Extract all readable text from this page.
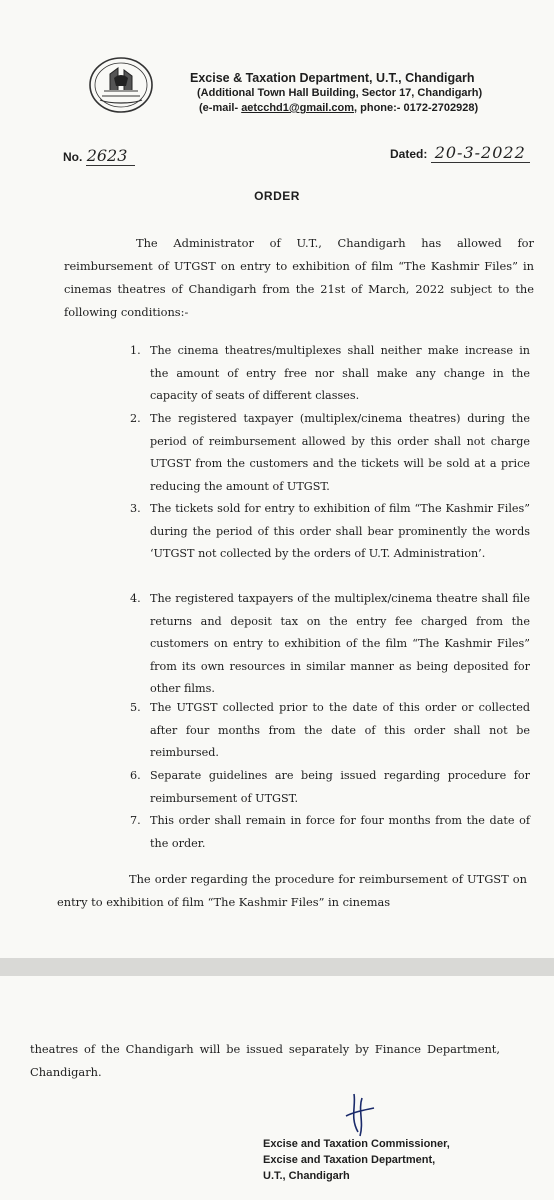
Excise & Taxation Department, U.T., Chandigarh
(Additional Town Hall Building, Sector 17, Chandigarh)
(e-mail- aetcchd1@gmail.com, phone:- 0172-2702928)
No. 2623	Dated: 20-3-2022
ORDER
The Administrator of U.T., Chandigarh has allowed for reimbursement of UTGST on entry to exhibition of film “The Kashmir Files” in cinemas theatres of Chandigarh from the 21st of March, 2022 subject to the following conditions:-
1. The cinema theatres/multiplexes shall neither make increase in the amount of entry free nor shall make any change in the capacity of seats of different classes.
2. The registered taxpayer (multiplex/cinema theatres) during the period of reimbursement allowed by this order shall not charge UTGST from the customers and the tickets will be sold at a price reducing the amount of UTGST.
3. The tickets sold for entry to exhibition of film “The Kashmir Files” during the period of this order shall bear prominently the words ‘UTGST not collected by the orders of U.T. Administration’.
4. The registered taxpayers of the multiplex/cinema theatre shall file returns and deposit tax on the entry fee charged from the customers on entry to exhibition of the film “The Kashmir Files” from its own resources in similar manner as being deposited for other films.
5. The UTGST collected prior to the date of this order or collected after four months from the date of this order shall not be reimbursed.
6. Separate guidelines are being issued regarding procedure for reimbursement of UTGST.
7. This order shall remain in force for four months from the date of the order.
The order regarding the procedure for reimbursement of UTGST on entry to exhibition of film “The Kashmir Files” in cinemas
theatres of the Chandigarh will be issued separately by Finance Department, Chandigarh.
Excise and Taxation Commissioner,
Excise and Taxation Department,
U.T., Chandigarh
